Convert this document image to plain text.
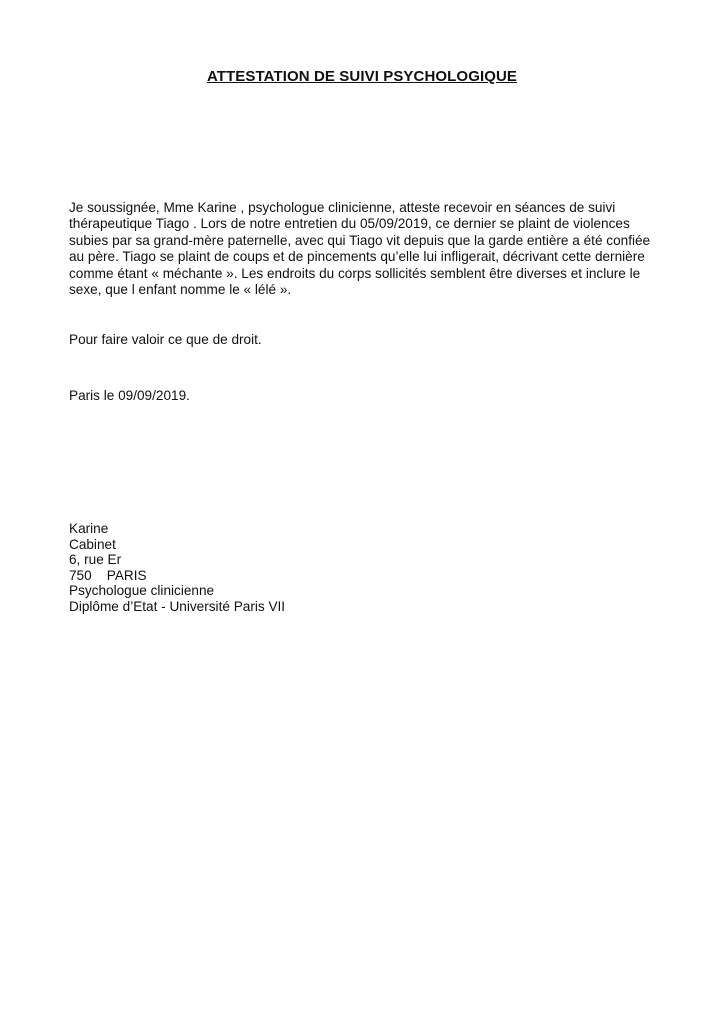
ATTESTATION DE SUIVI PSYCHOLOGIQUE

Je soussignée, Mme Karine , psychologue clinicienne, atteste recevoir en séances de suivi thérapeutique Tiago . Lors de notre entretien du 05/09/2019, ce dernier se plaint de violences subies par sa grand-mère paternelle, avec qui Tiago vit depuis que la garde entière a été confiée au père. Tiago se plaint de coups et de pincements qu’elle lui infligerait, décrivant cette dernière comme étant « méchante ». Les endroits du corps sollicités semblent être diverses et inclure le sexe, que l enfant nomme le « lélé ».

Pour faire valoir ce que de droit.

Paris le 09/09/2019.

Karine
Cabinet
6, rue Er
750    PARIS
Psychologue clinicienne
Diplôme d’Etat - Université Paris VII
